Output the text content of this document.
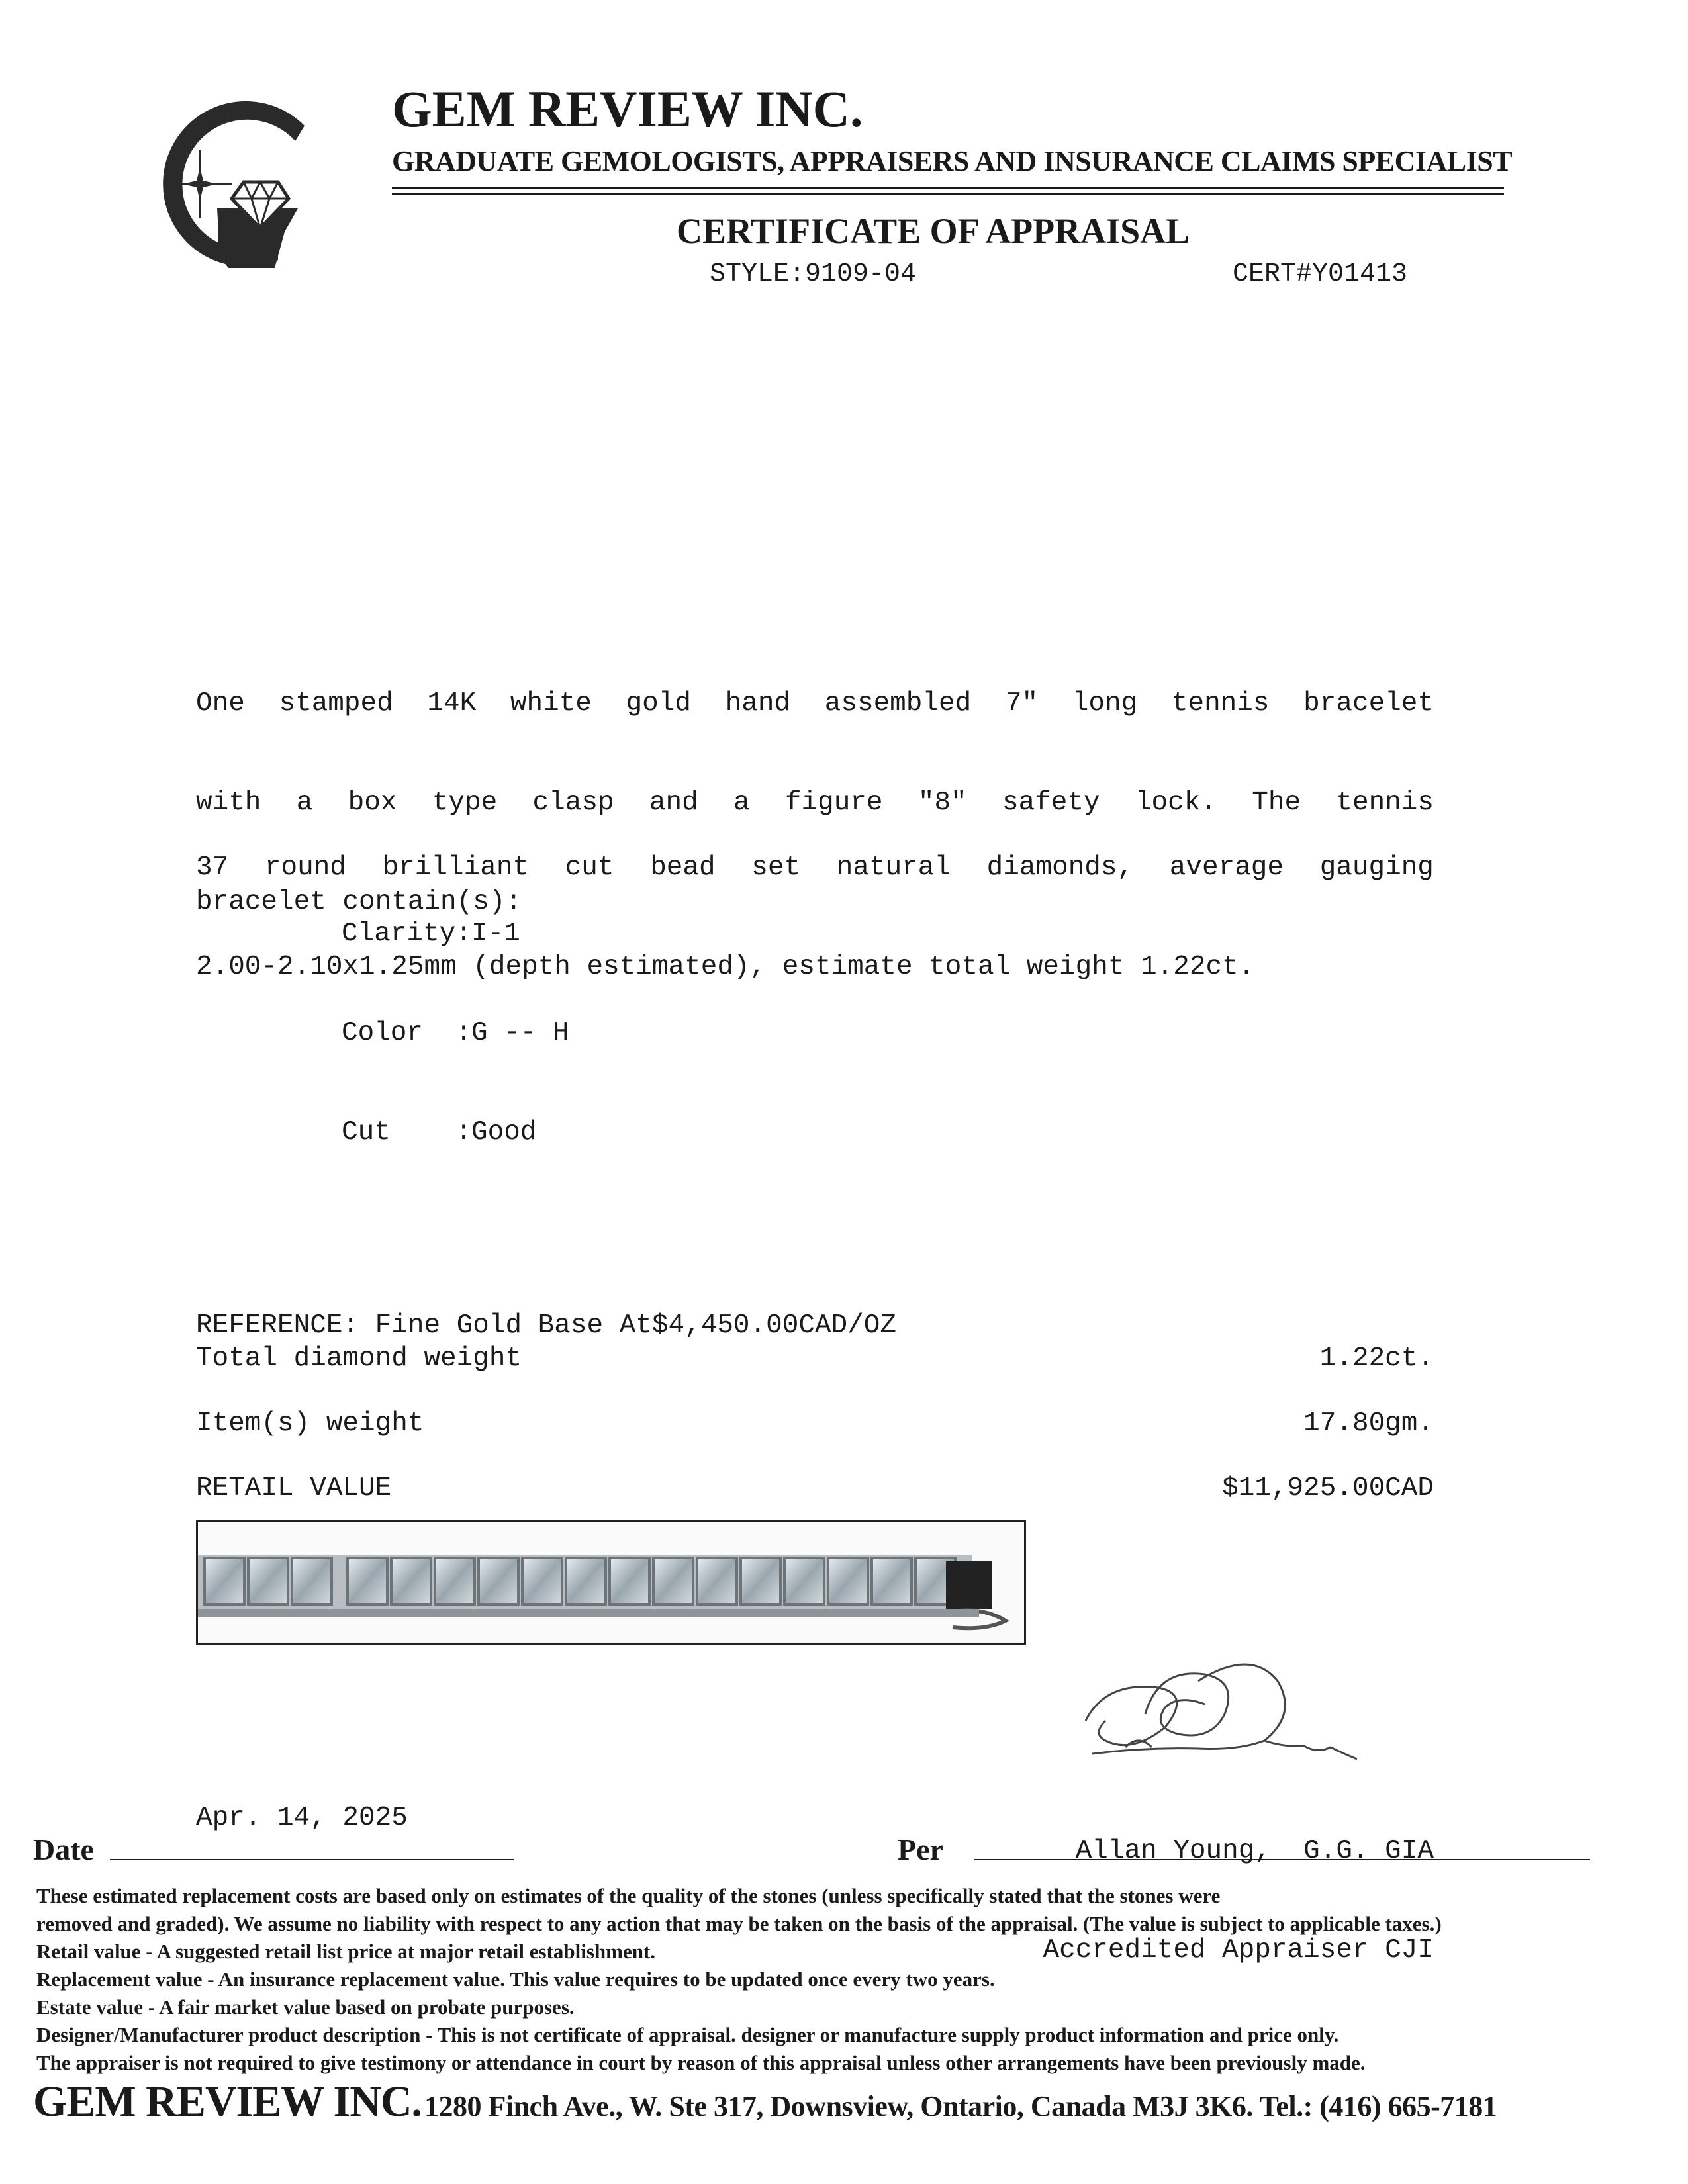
GEM REVIEW INC.
GRADUATE GEMOLOGISTS, APPRAISERS AND INSURANCE CLAIMS SPECIALIST
CERTIFICATE OF APPRAISAL
STYLE:9109-04	CERT#Y01413

One stamped 14K white gold hand assembled 7" long tennis bracelet

with a box type clasp and a figure "8" safety lock. The tennis

bracelet contain(s):

37 round brilliant cut bead set natural diamonds, average gauging

2.00-2.10x1.25mm (depth estimated), estimate total weight 1.22ct.

Clarity:I-1

Color  :G -- H

Cut    :Good

REFERENCE: Fine Gold Base At$4,450.00CAD/OZ
Total diamond weight	1.22ct.
Item(s) weight	17.80gm.
RETAIL VALUE	$11,925.00CAD

Allan Young,  G.G. GIA

Accredited Appraiser CJI

Apr. 14, 2025
Date	Per
These estimated replacement costs are based only on estimates of the quality of the stones (unless specifically stated that the stones were
removed and graded). We assume no liability with respect to any action that may be taken on the basis of the appraisal. (The value is subject to applicable taxes.)
Retail value - A suggested retail list price at major retail establishment.
Replacement value - An insurance replacement value. This value requires to be updated once every two years.
Estate value - A fair market value based on probate purposes.
Designer/Manufacturer product description - This is not certificate of appraisal. designer or manufacture supply product information and price only.
The appraiser is not required to give testimony or attendance in court by reason of this appraisal unless other arrangements have been previously made.
GEM REVIEW INC. 1280 Finch Ave., W. Ste 317, Downsview, Ontario, Canada M3J 3K6. Tel.: (416) 665-7181
